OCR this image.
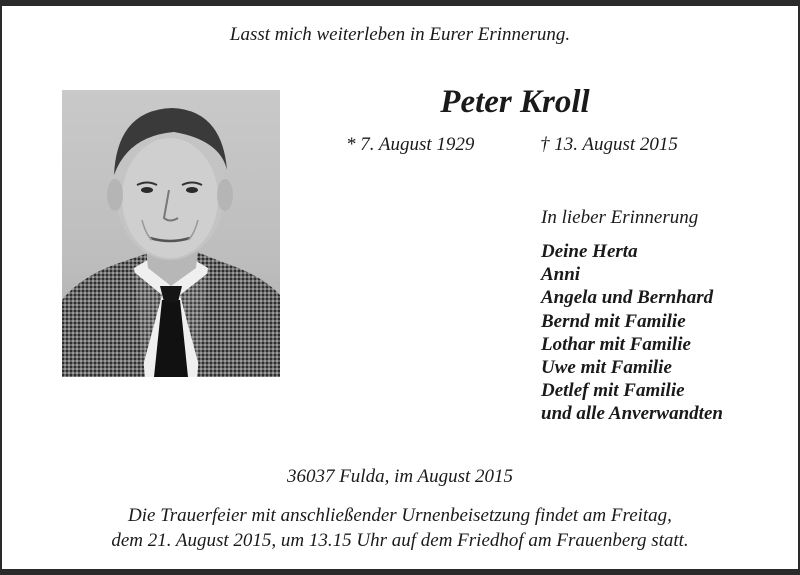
Lasst mich weiterleben in Eurer Erinnerung.
Peter Kroll
* 7. August 1929	† 13. August 2015
In lieber Erinnerung
Deine Herta
Anni
Angela und Bernhard
Bernd mit Familie
Lothar mit Familie
Uwe mit Familie
Detlef mit Familie
und alle Anverwandten
36037 Fulda, im August 2015
Die Trauerfeier mit anschließender Urnenbeisetzung findet am Freitag,
dem 21. August 2015, um 13.15 Uhr auf dem Friedhof am Frauenberg statt.
